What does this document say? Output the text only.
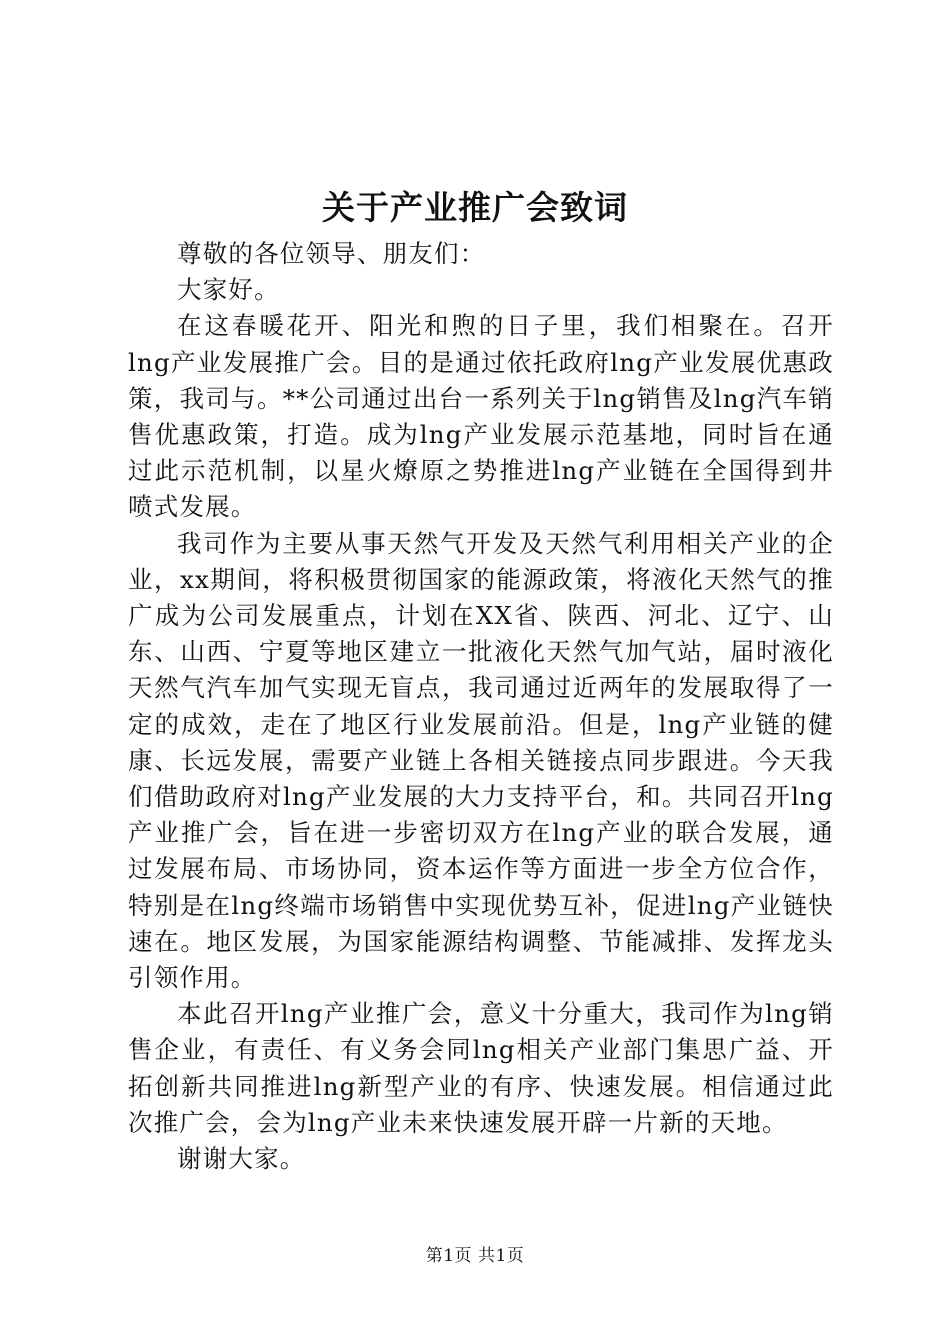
关于产业推广会致词

尊敬的各位领导、朋友们：

大家好。

在这春暖花开、阳光和煦的日子里，我们相聚在。召开lng产业发展推广会。目的是通过依托政府lng产业发展优惠政策，我司与。**公司通过出台一系列关于lng销售及lng汽车销售优惠政策，打造。成为lng产业发展示范基地，同时旨在通过此示范机制，以星火燎原之势推进lng产业链在全国得到井喷式发展。

我司作为主要从事天然气开发及天然气利用相关产业的企业，xx期间，将积极贯彻国家的能源政策，将液化天然气的推广成为公司发展重点，计划在XX省、陕西、河北、辽宁、山东、山西、宁夏等地区建立一批液化天然气加气站，届时液化天然气汽车加气实现无盲点，我司通过近两年的发展取得了一定的成效，走在了地区行业发展前沿。但是，lng产业链的健康、长远发展，需要产业链上各相关链接点同步跟进。今天我们借助政府对lng产业发展的大力支持平台，和。共同召开lng产业推广会，旨在进一步密切双方在lng产业的联合发展，通过发展布局、市场协同，资本运作等方面进一步全方位合作，特别是在lng终端市场销售中实现优势互补，促进lng产业链快速在。地区发展，为国家能源结构调整、节能减排、发挥龙头引领作用。

本此召开lng产业推广会，意义十分重大，我司作为lng销售企业，有责任、有义务会同lng相关产业部门集思广益、开拓创新共同推进lng新型产业的有序、快速发展。相信通过此次推广会，会为lng产业未来快速发展开辟一片新的天地。

谢谢大家。

第1页 共1页
